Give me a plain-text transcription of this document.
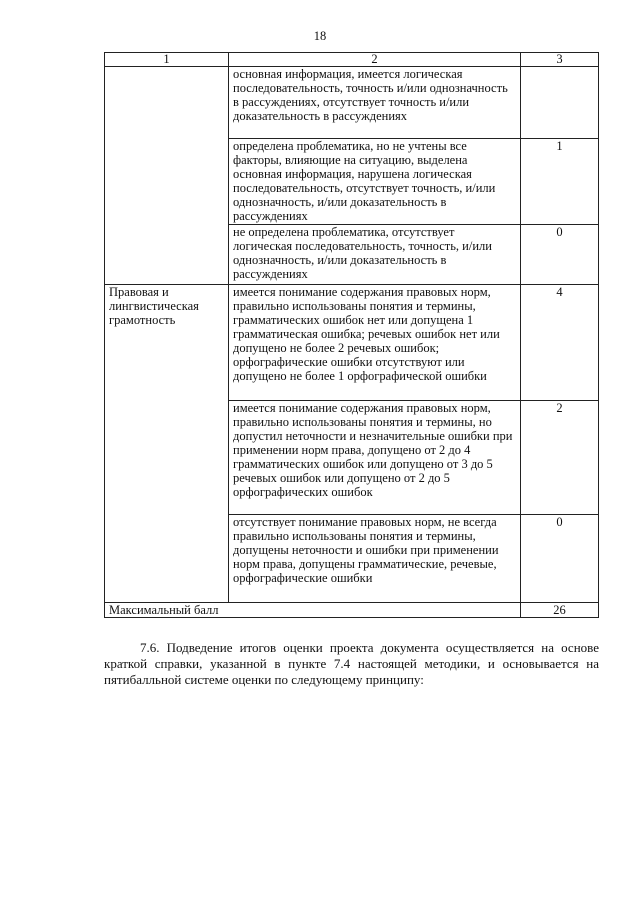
18
1	2	3

	основная информация, имеется логическая последовательность, точность и/или однозначность в рассуждениях, отсутствует точность и/или доказательность в рассуждениях	

	определена проблематика, но не учтены все факторы, влияющие на ситуацию, выделена основная информация, нарушена логическая последовательность, отсутствует точность, и/или однозначность, и/или доказательность в рассуждениях	1

	не определена проблематика, отсутствует логическая последовательность, точность, и/или однозначность, и/или доказательность в рассуждениях	0
Правовая и лингвистическая грамотность	имеется понимание содержания правовых норм, правильно использованы понятия и термины, грамматических ошибок нет или допущена 1 грамматическая ошибка; речевых ошибок нет или допущено не более 2 речевых ошибок; орфографические ошибки отсутствуют или допущено не более 1 орфографической ошибки	4

	имеется понимание содержания правовых норм, правильно использованы понятия и термины, но допустил неточности и незначительные ошибки при применении норм права, допущено от 2 до 4 грамматических ошибок или допущено от 3 до 5 речевых ошибок или допущено от 2 до 5 орфографических ошибок	2

	отсутствует понимание правовых норм, не всегда правильно использованы понятия и термины, допущены неточности и ошибки при применении норм права, допущены грамматические, речевые, орфографические ошибки	0
Максимальный балл		26

7.6. Подведение итогов оценки проекта документа осуществляется на основе краткой справки, указанной в пункте 7.4 настоящей методики, и основывается на пятибалльной системе оценки по следующему принципу:
